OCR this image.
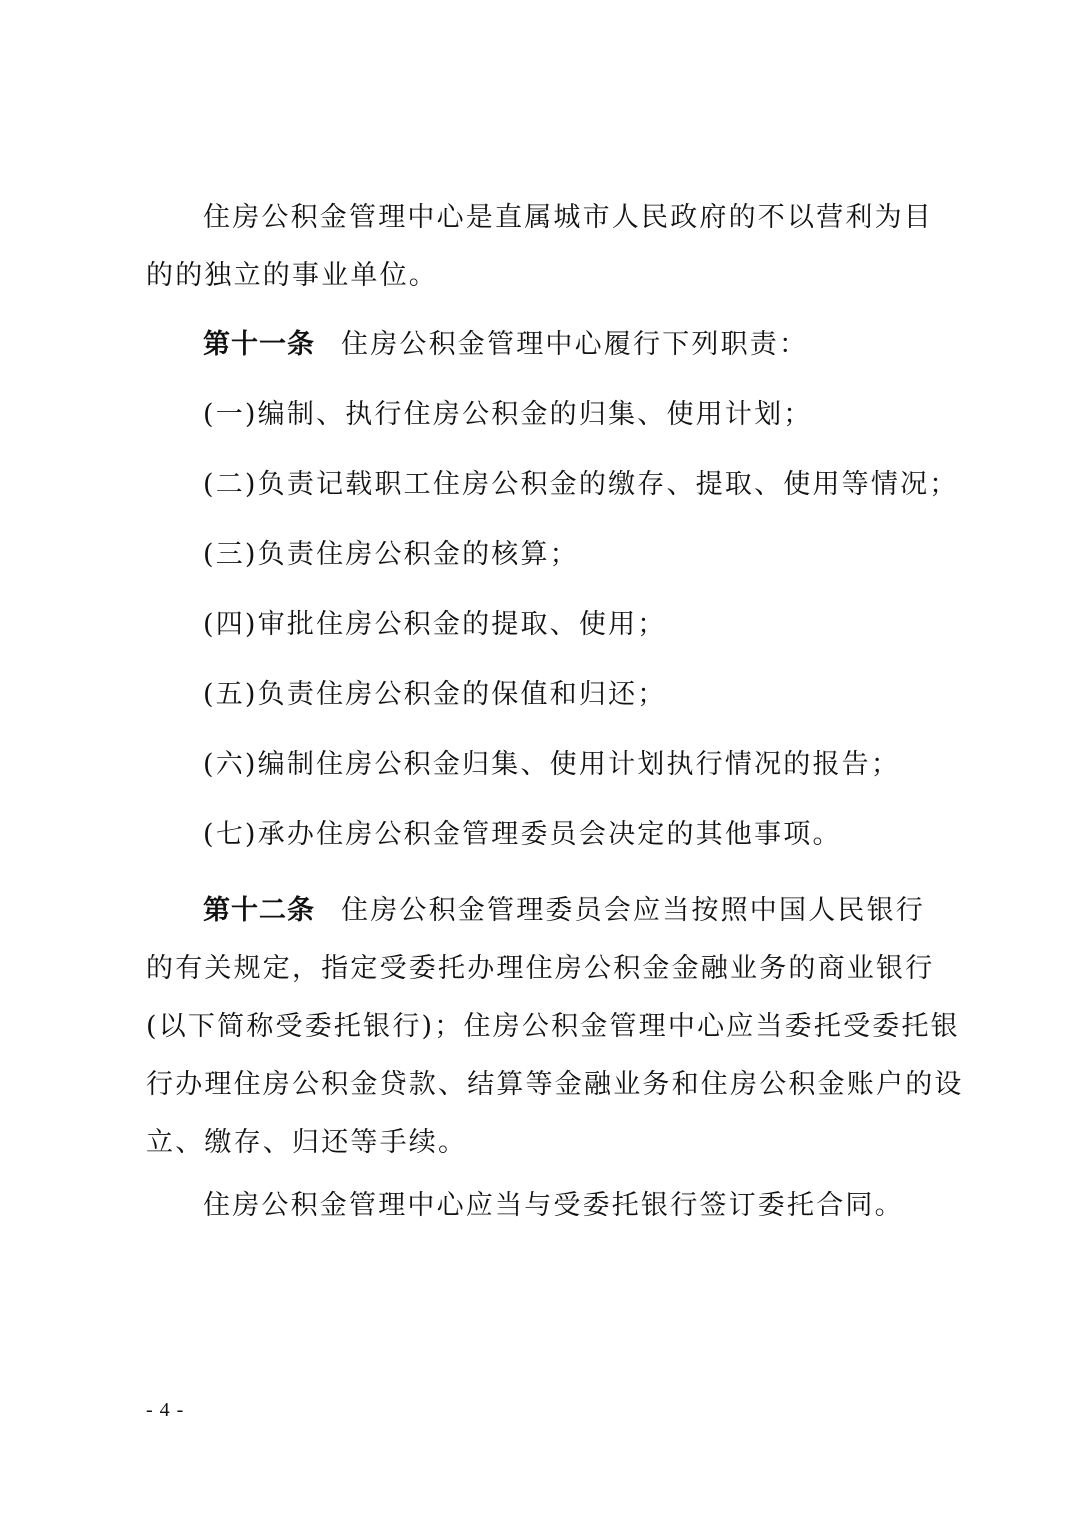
住房公积金管理中心是直属城市人民政府的不以营利为目

的的独立的事业单位。

第十一条 住房公积金管理中心履行下列职责：

(一)编制、执行住房公积金的归集、使用计划；

(二)负责记载职工住房公积金的缴存、提取、使用等情况；

(三)负责住房公积金的核算；

(四)审批住房公积金的提取、使用；

(五)负责住房公积金的保值和归还；

(六)编制住房公积金归集、使用计划执行情况的报告；

(七)承办住房公积金管理委员会决定的其他事项。

第十二条 住房公积金管理委员会应当按照中国人民银行

的有关规定，指定受委托办理住房公积金金融业务的商业银行

(以下简称受委托银行)；住房公积金管理中心应当委托受委托银

行办理住房公积金贷款、结算等金融业务和住房公积金账户的设

立、缴存、归还等手续。

住房公积金管理中心应当与受委托银行签订委托合同。

- 4 -
